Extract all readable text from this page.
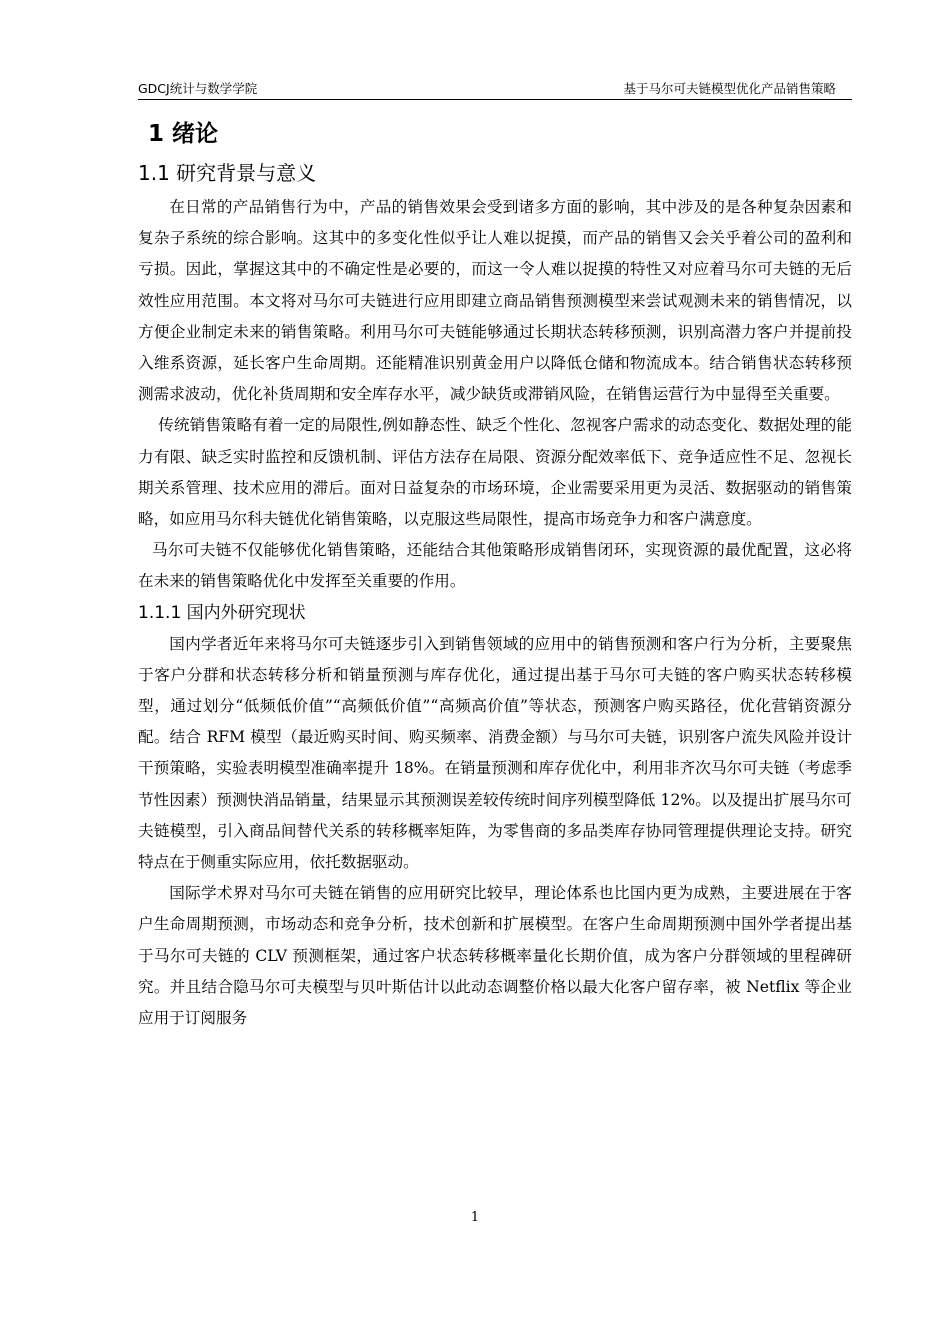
GDCJ统计与数学学院	基于马尔可夫链模型优化产品销售策略
1 绪论
1.1 研究背景与意义

在日常的产品销售行为中，产品的销售效果会受到诸多方面的影响，其中涉及的是各种复杂因素和复杂子系统的综合影响。这其中的多变化性似乎让人难以捉摸，而产品的销售又会关乎着公司的盈利和亏损。因此，掌握这其中的不确定性是必要的，而这一令人难以捉摸的特性又对应着马尔可夫链的无后效性应用范围。本文将对马尔可夫链进行应用即建立商品销售预测模型来尝试观测未来的销售情况，以方便企业制定未来的销售策略。利用马尔可夫链能够通过长期状态转移预测，识别高潜力客户并提前投入维系资源，延长客户生命周期。还能精准识别黄金用户以降低仓储和物流成本。结合销售状态转移预测需求波动，优化补货周期和安全库存水平，减少缺货或滞销风险，在销售运营行为中显得至关重要。

传统销售策略有着一定的局限性,例如静态性、缺乏个性化、忽视客户需求的动态变化、数据处理的能力有限、缺乏实时监控和反馈机制、评估方法存在局限、资源分配效率低下、竞争适应性不足、忽视长期关系管理、技术应用的滞后。面对日益复杂的市场环境，企业需要采用更为灵活、数据驱动的销售策略，如应用马尔科夫链优化销售策略，以克服这些局限性，提高市场竞争力和客户满意度。

马尔可夫链不仅能够优化销售策略，还能结合其他策略形成销售闭环，实现资源的最优配置，这必将在未来的销售策略优化中发挥至关重要的作用。

1.1.1 国内外研究现状

国内学者近年来将马尔可夫链逐步引入到销售领域的应用中的销售预测和客户行为分析，主要聚焦于客户分群和状态转移分析和销量预测与库存优化，通过提出基于马尔可夫链的客户购买状态转移模型，通过划分“低频低价值”“高频低价值”“高频高价值”等状态，预测客户购买路径，优化营销资源分配。结合 RFM 模型（最近购买时间、购买频率、消费金额）与马尔可夫链，识别客户流失风险并设计干预策略，实验表明模型准确率提升 18%。在销量预测和库存优化中，利用非齐次马尔可夫链（考虑季节性因素）预测快消品销量，结果显示其预测误差较传统时间序列模型降低 12%。以及提出扩展马尔可夫链模型，引入商品间替代关系的转移概率矩阵，为零售商的多品类库存协同管理提供理论支持。研究特点在于侧重实际应用，依托数据驱动。

国际学术界对马尔可夫链在销售的应用研究比较早，理论体系也比国内更为成熟，主要进展在于客户生命周期预测，市场动态和竞争分析，技术创新和扩展模型。在客户生命周期预测中国外学者提出基于马尔可夫链的 CLV 预测框架，通过客户状态转移概率量化长期价值，成为客户分群领域的里程碑研究。并且结合隐马尔可夫模型与贝叶斯估计以此动态调整价格以最大化客户留存率，被 Netflix 等企业应用于订阅服务

1
